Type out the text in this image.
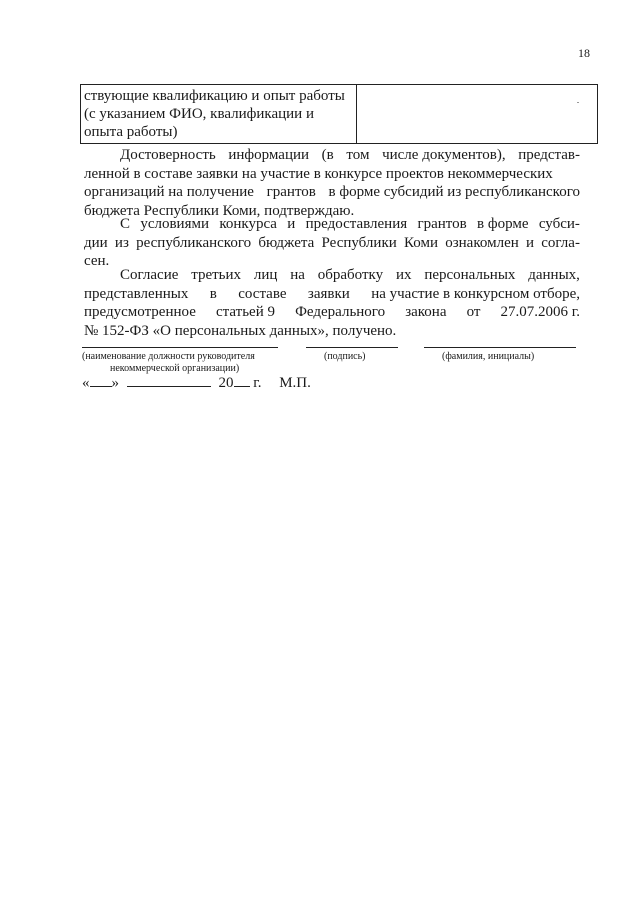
18
ствующие квалификацию и опыт работы
(с указанием ФИО, квалификации и
опыта работы)
Достоверность информации (в том числе документов), представ-
ленной в составе заявки на участие в конкурсе проектов некоммерческих
организаций на получение грантов в форме субсидий из республиканского
бюджета Республики Коми, подтверждаю.
С условиями конкурса и предоставления грантов в форме субси-
дии из республиканского бюджета Республики Коми ознакомлен и согла-
сен.
Согласие третьих лиц на обработку их персональных данных,
представленных в составе заявки на участие в конкурсном отборе,
предусмотренное статьей 9 Федерального закона от 27.07.2006 г.
№ 152-ФЗ «О персональных данных», получено.
(наименование должности руководителя
некоммерческой организации)
(подпись)	(фамилия, инициалы)
« »	20 г. М.П.
